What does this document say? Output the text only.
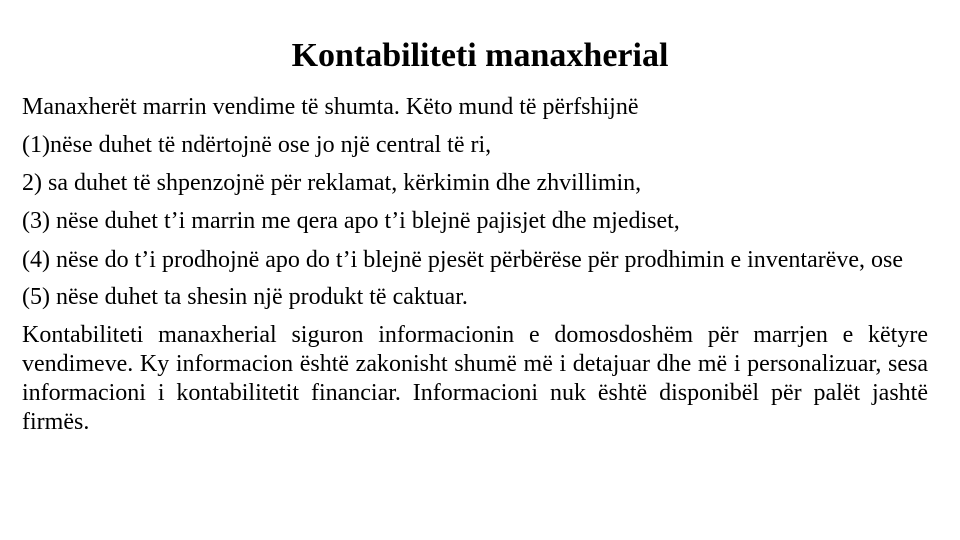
Kontabiliteti manaxherial

Manaxherët marrin vendime të shumta. Këto mund të përfshijnë

(1)nëse duhet të ndërtojnë ose jo një central të ri,

2) sa duhet të shpenzojnë për reklamat, kërkimin dhe zhvillimin,

(3) nëse duhet t’i marrin me qera apo t’i blejnë pajisjet dhe mjediset,

(4) nëse do t’i prodhojnë apo do t’i blejnë pjesët përbërëse për prodhimin e inventarëve, ose

(5) nëse duhet ta shesin një produkt të caktuar.

Kontabiliteti manaxherial siguron informacionin e domosdoshëm për marrjen e këtyre vendimeve. Ky informacion është zakonisht shumë më i detajuar dhe më i personalizuar, sesa informacioni i kontabilitetit financiar. Informacioni nuk është disponibël për palët jashtë firmës.
